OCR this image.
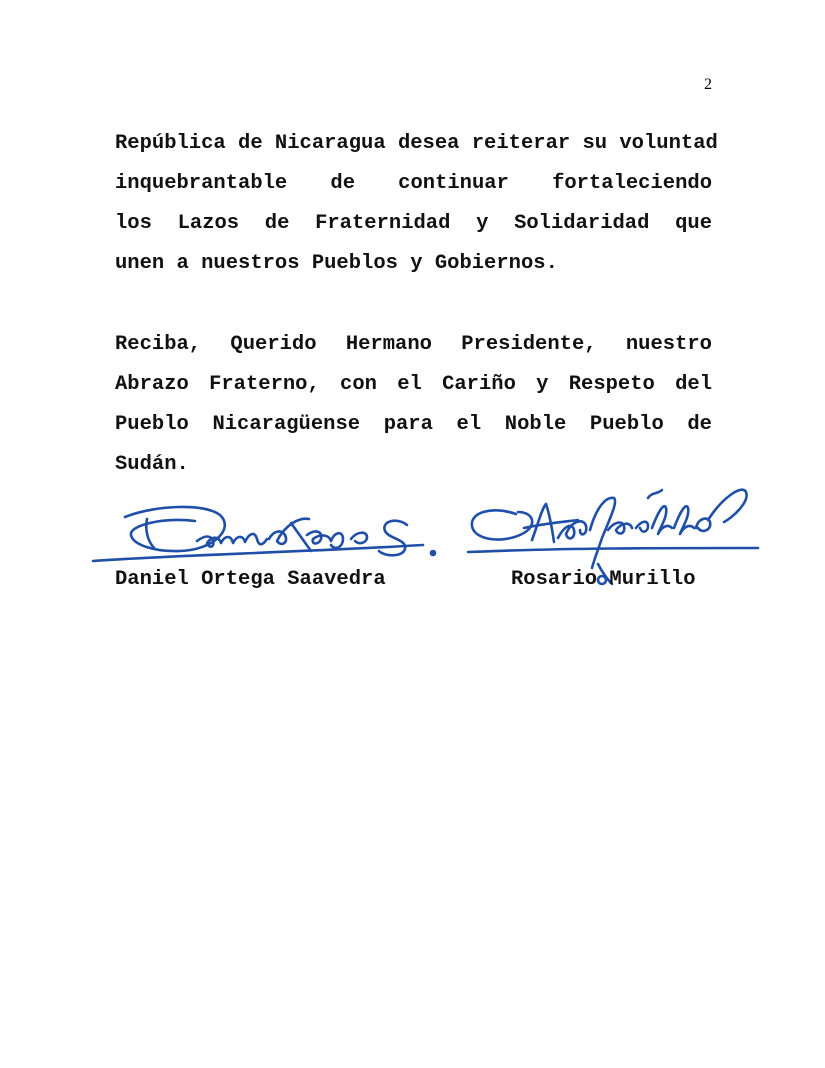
2
República de Nicaragua desea reiterar su voluntad
inquebrantable de continuar fortaleciendo
los Lazos de Fraternidad y Solidaridad que
unen a nuestros Pueblos y Gobiernos.
Reciba, Querido Hermano Presidente, nuestro
Abrazo Fraterno, con el Cariño y Respeto del
Pueblo Nicaragüense para el Noble Pueblo de
Sudán.
Daniel Ortega Saavedra	Rosario Murillo
